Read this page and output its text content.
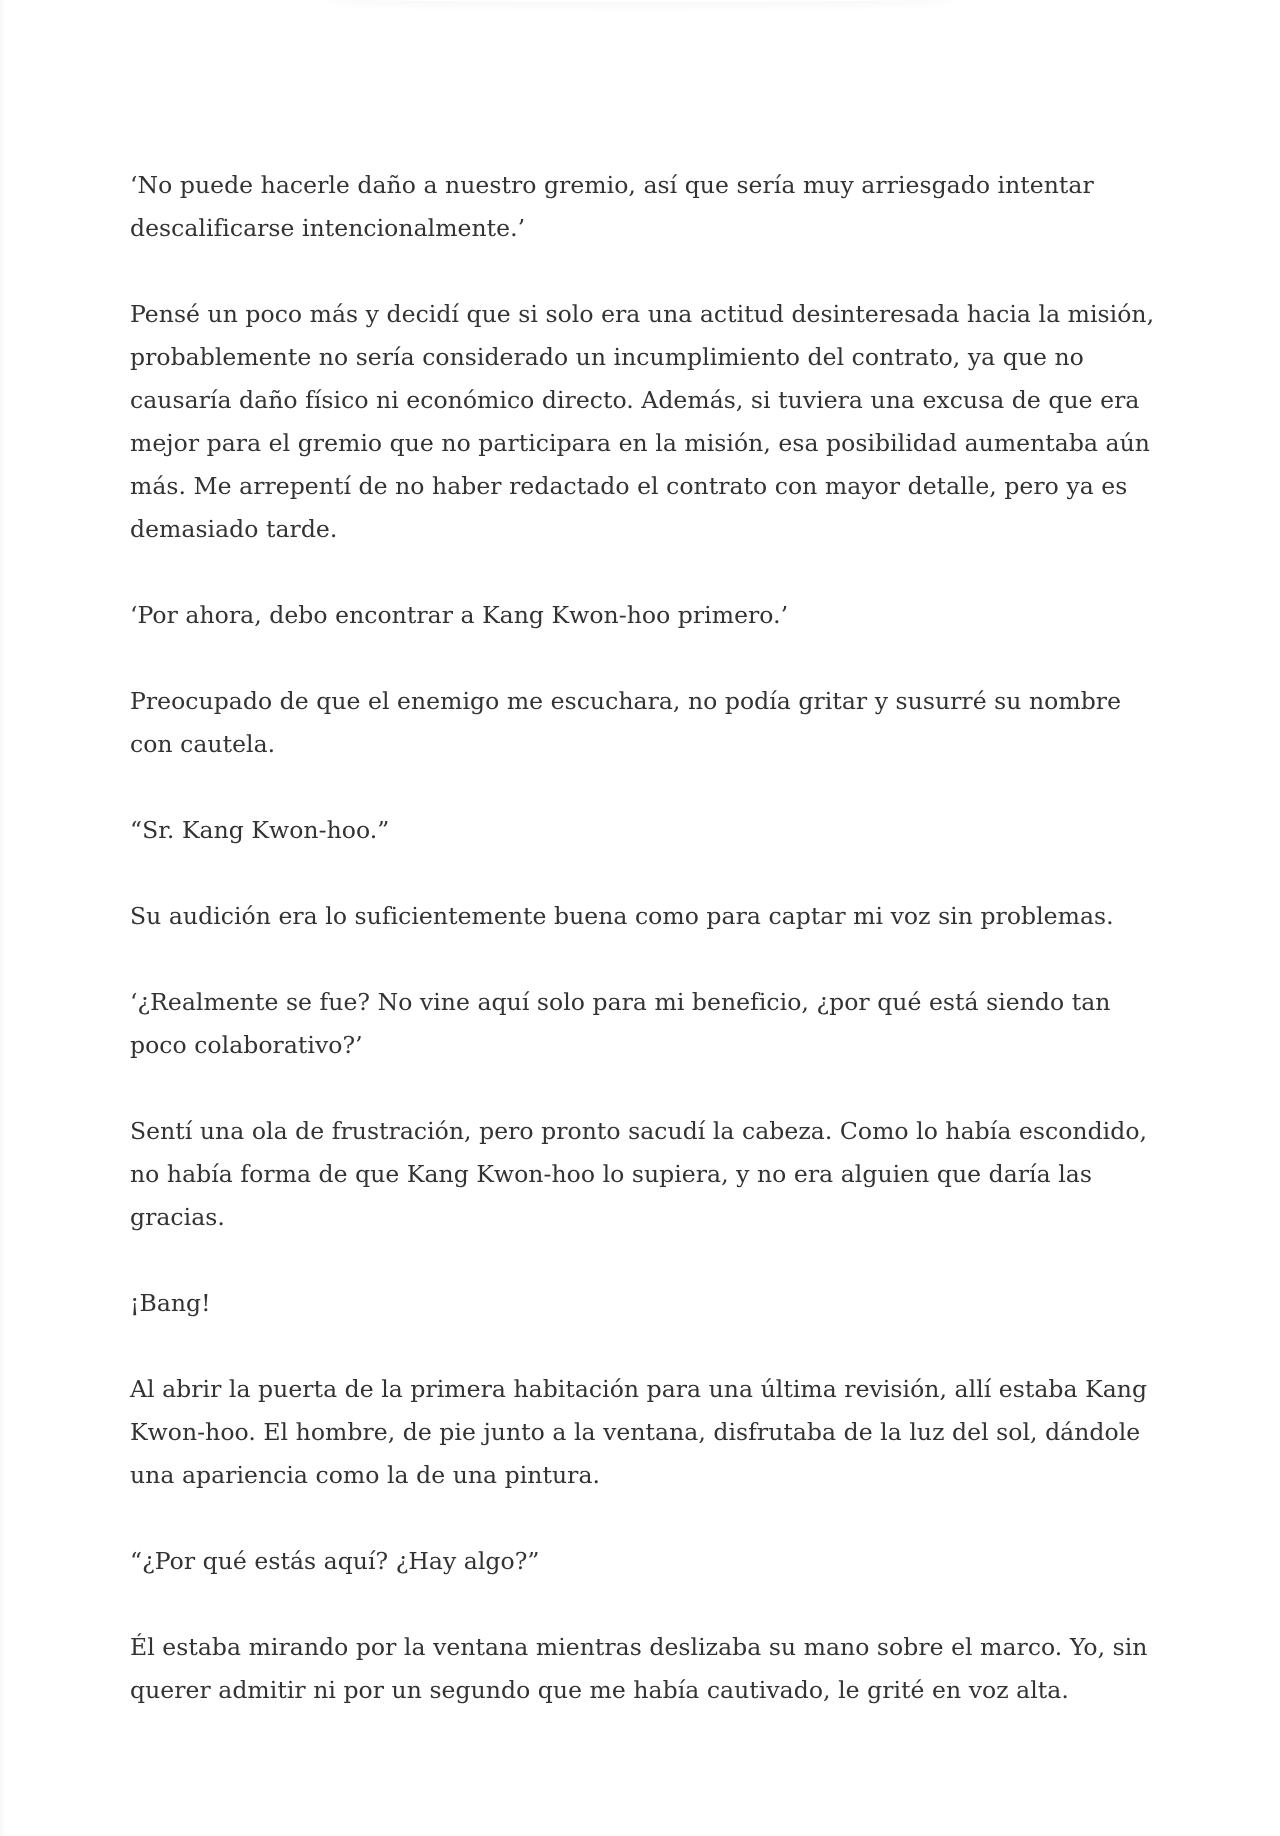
‘No puede hacerle daño a nuestro gremio, así que sería muy arriesgado intentar descalificarse intencionalmente.’

Pensé un poco más y decidí que si solo era una actitud desinteresada hacia la misión, probablemente no sería considerado un incumplimiento del contrato, ya que no causaría daño físico ni económico directo. Además, si tuviera una excusa de que era mejor para el gremio que no participara en la misión, esa posibilidad aumentaba aún más. Me arrepentí de no haber redactado el contrato con mayor detalle, pero ya es demasiado tarde.

‘Por ahora, debo encontrar a Kang Kwon-hoo primero.’

Preocupado de que el enemigo me escuchara, no podía gritar y susurré su nombre con cautela.

“Sr. Kang Kwon-hoo.”

Su audición era lo suficientemente buena como para captar mi voz sin problemas.

‘¿Realmente se fue? No vine aquí solo para mi beneficio, ¿por qué está siendo tan poco colaborativo?’

Sentí una ola de frustración, pero pronto sacudí la cabeza. Como lo había escondido, no había forma de que Kang Kwon-hoo lo supiera, y no era alguien que daría las gracias.

¡Bang!

Al abrir la puerta de la primera habitación para una última revisión, allí estaba Kang Kwon-hoo. El hombre, de pie junto a la ventana, disfrutaba de la luz del sol, dándole una apariencia como la de una pintura.

“¿Por qué estás aquí? ¿Hay algo?”

Él estaba mirando por la ventana mientras deslizaba su mano sobre el marco. Yo, sin querer admitir ni por un segundo que me había cautivado, le grité en voz alta.
